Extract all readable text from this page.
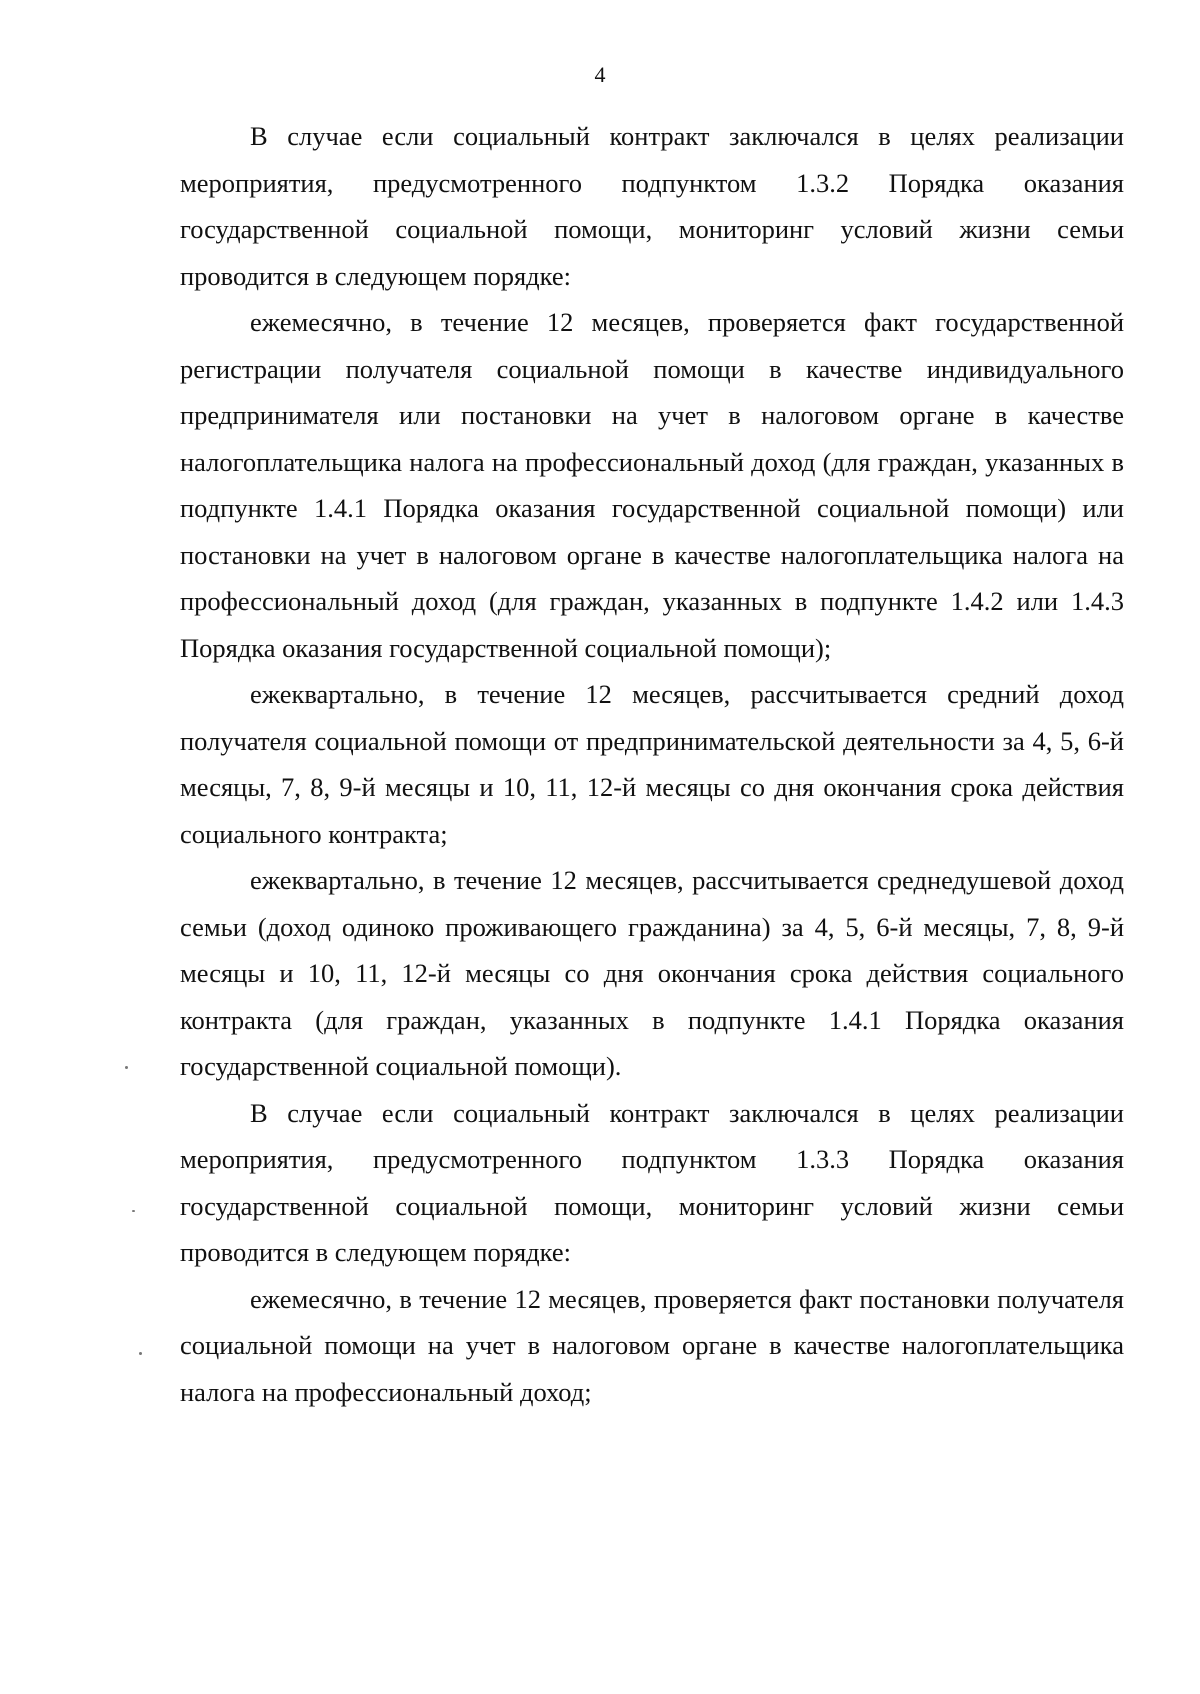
4

В случае если социальный контракт заключался в целях реализации мероприятия, предусмотренного подпунктом 1.3.2 Порядка оказания государственной социальной помощи, мониторинг условий жизни семьи проводится в следующем порядке:

ежемесячно, в течение 12 месяцев, проверяется факт государственной регистрации получателя социальной помощи в качестве индивидуального предпринимателя или постановки на учет в налоговом органе в качестве налогоплательщика налога на профессиональный доход (для граждан, указанных в подпункте 1.4.1 Порядка оказания государственной социальной помощи) или постановки на учет в налоговом органе в качестве налогоплательщика налога на профессиональный доход (для граждан, указанных в подпункте 1.4.2 или 1.4.3 Порядка оказания государственной социальной помощи);

ежеквартально, в течение 12 месяцев, рассчитывается средний доход получателя социальной помощи от предпринимательской деятельности за 4, 5, 6-й месяцы, 7, 8, 9-й месяцы и 10, 11, 12-й месяцы со дня окончания срока действия социального контракта;

ежеквартально, в течение 12 месяцев, рассчитывается среднедушевой доход семьи (доход одиноко проживающего гражданина) за 4, 5, 6-й месяцы, 7, 8, 9-й месяцы и 10, 11, 12-й месяцы со дня окончания срока действия социального контракта (для граждан, указанных в подпункте 1.4.1 Порядка оказания государственной социальной помощи).

В случае если социальный контракт заключался в целях реализации мероприятия, предусмотренного подпунктом 1.3.3 Порядка оказания государственной социальной помощи, мониторинг условий жизни семьи проводится в следующем порядке:

ежемесячно, в течение 12 месяцев, проверяется факт постановки получателя социальной помощи на учет в налоговом органе в качестве налогоплательщика налога на профессиональный доход;
